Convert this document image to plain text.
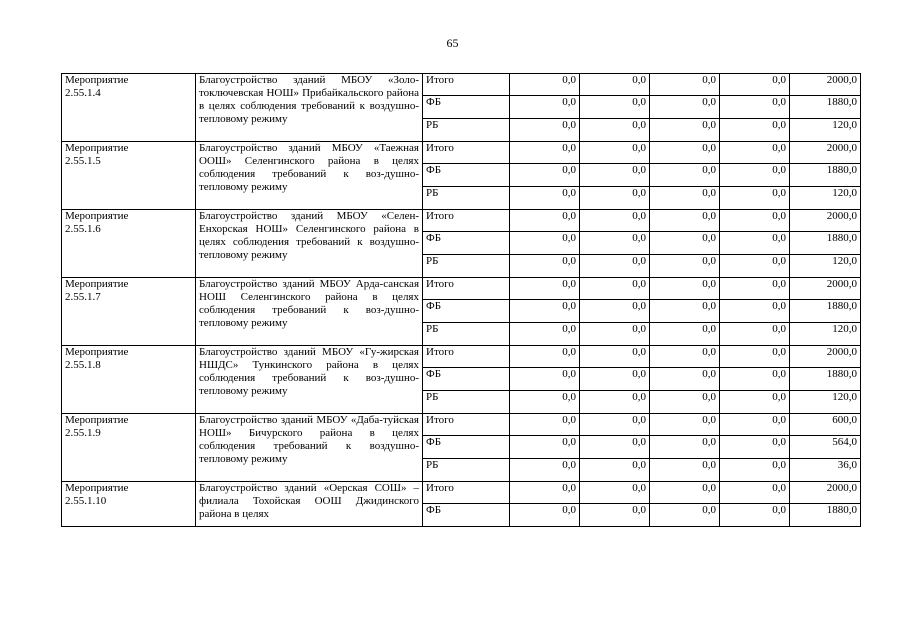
65
Мероприятие
2.55.1.4	Благоустройство зданий МБОУ «Золо-тоключевская НОШ» Прибайкальского района в целях соблюдения требований к воздушно-тепловому режиму	Итого	0,0	0,0	0,0	0,0	2000,0
		ФБ	0,0	0,0	0,0	0,0	1880,0
		РБ	0,0	0,0	0,0	0,0	120,0

Мероприятие
2.55.1.5	Благоустройство зданий МБОУ «Таежная ООШ» Селенгинского района в целях соблюдения требований к воз-душно-тепловому режиму	Итого	0,0	0,0	0,0	0,0	2000,0
		ФБ	0,0	0,0	0,0	0,0	1880,0
		РБ	0,0	0,0	0,0	0,0	120,0

Мероприятие
2.55.1.6	Благоустройство зданий МБОУ «Селен-Енхорская НОШ» Селенгинского района в целях соблюдения требований к воздушно-тепловому режиму	Итого	0,0	0,0	0,0	0,0	2000,0
		ФБ	0,0	0,0	0,0	0,0	1880,0
		РБ	0,0	0,0	0,0	0,0	120,0

Мероприятие
2.55.1.7	Благоустройство зданий МБОУ Арда-санская НОШ Селенгинского района в целях соблюдения требований к воз-душно-тепловому режиму	Итого	0,0	0,0	0,0	0,0	2000,0
		ФБ	0,0	0,0	0,0	0,0	1880,0
		РБ	0,0	0,0	0,0	0,0	120,0

Мероприятие
2.55.1.8	Благоустройство зданий МБОУ «Гу-жирская НШДС» Тункинского района в целях соблюдения требований к воз-душно-тепловому режиму	Итого	0,0	0,0	0,0	0,0	2000,0
		ФБ	0,0	0,0	0,0	0,0	1880,0
		РБ	0,0	0,0	0,0	0,0	120,0

Мероприятие
2.55.1.9	Благоустройство зданий МБОУ «Даба-туйская НОШ» Бичурского района в целях соблюдения требований к воздушно-тепловому режиму	Итого	0,0	0,0	0,0	0,0	600,0
		ФБ	0,0	0,0	0,0	0,0	564,0
		РБ	0,0	0,0	0,0	0,0	36,0

Мероприятие
2.55.1.10	Благоустройство зданий «Оерская СОШ» – филиала Тохойская ООШ Джидинского района в целях	Итого	0,0	0,0	0,0	0,0	2000,0
		ФБ	0,0	0,0	0,0	0,0	1880,0
